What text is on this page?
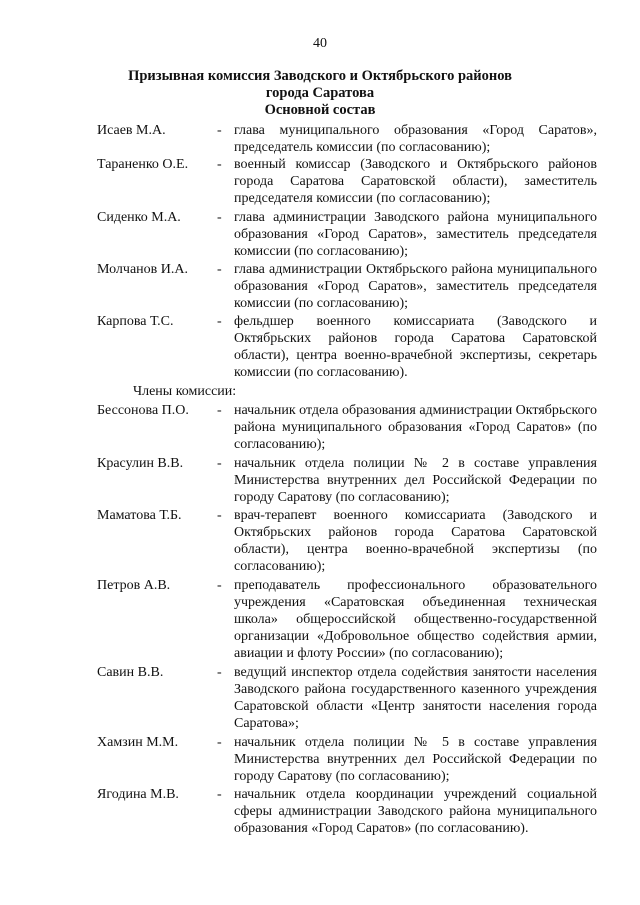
40
Призывная комиссия Заводского и Октябрьского районов
города Саратова
Основной состав
Исаев М.А.	- глава муниципального образования «Город Саратов», председатель комиссии (по согласованию);
Тараненко О.Е. - военный комиссар (Заводского и Октябрьского районов города Саратова Саратовской области), заместитель председателя комиссии (по согласованию);
Сиденко М.А.	- глава администрации Заводского района муниципального образования «Город Саратов», заместитель председателя комиссии (по согласованию);
Молчанов И.А. - глава администрации Октябрьского района муниципального образования «Город Саратов», заместитель председателя комиссии (по согласованию);
Карпова Т.С.	- фельдшер военного комиссариата (Заводского и Октябрьских районов города Саратова Саратовской области), центра военно-врачебной экспертизы, секретарь комиссии (по согласованию).
Члены комиссии:
Бессонова П.О. - начальник отдела образования администрации Октябрьского района муниципального образования «Город Саратов» (по согласованию);
Красулин В.В. - начальник отдела полиции № 2 в составе управления Министерства внутренних дел Российской Федерации по городу Саратову (по согласованию);
Маматова Т.Б.	- врач-терапевт военного комиссариата (Заводского и Октябрьских районов города Саратова Саратовской области), центра военно-врачебной экспертизы (по согласованию);
Петров А.В.	- преподаватель профессионального образовательного учреждения «Саратовская объединенная техническая школа» общероссийской общественно-государственной организации «Добровольное общество содействия армии, авиации и флоту России» (по согласованию);
Савин В.В.	- ведущий инспектор отдела содействия занятости населения Заводского района государственного казенного учреждения Саратовской области «Центр занятости населения города Саратова»;
Хамзин М.М.	- начальник отдела полиции № 5 в составе управления Министерства внутренних дел Российской Федерации по городу Саратову (по согласованию);
Ягодина М.В.	- начальник отдела координации учреждений социальной сферы администрации Заводского района муниципального образования «Город Саратов» (по согласованию).
